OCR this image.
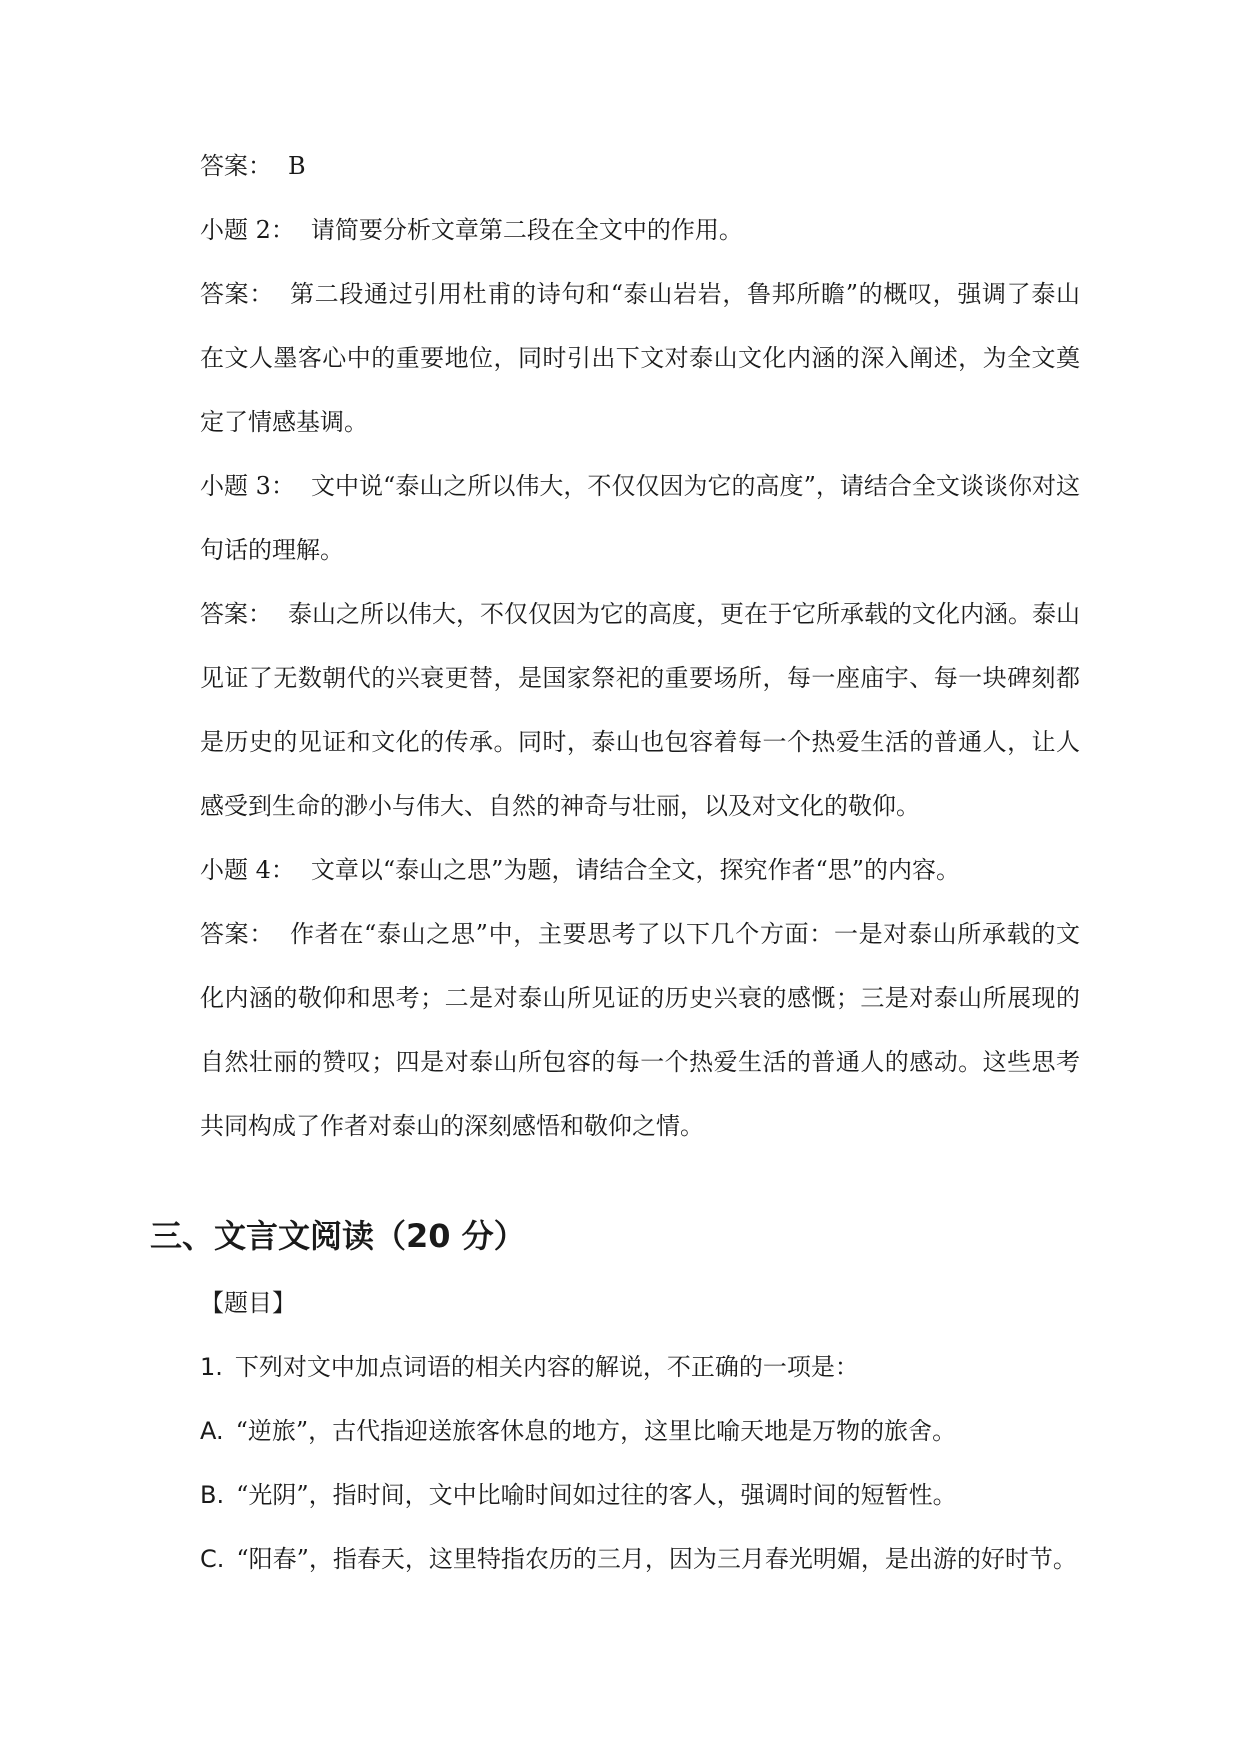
答案： B

小题 2： 请简要分析文章第二段在全文中的作用。

答案： 第二段通过引用杜甫的诗句和“泰山岩岩，鲁邦所瞻”的概叹，强调了泰山在文人墨客心中的重要地位，同时引出下文对泰山文化内涵的深入阐述，为全文奠定了情感基调。

小题 3： 文中说“泰山之所以伟大，不仅仅因为它的高度”，请结合全文谈谈你对这句话的理解。

答案： 泰山之所以伟大，不仅仅因为它的高度，更在于它所承载的文化内涵。泰山见证了无数朝代的兴衰更替，是国家祭祀的重要场所，每一座庙宇、每一块碑刻都是历史的见证和文化的传承。同时，泰山也包容着每一个热爱生活的普通人，让人感受到生命的渺小与伟大、自然的神奇与壮丽，以及对文化的敬仰。

小题 4： 文章以“泰山之思”为题，请结合全文，探究作者“思”的内容。

答案： 作者在“泰山之思”中，主要思考了以下几个方面：一是对泰山所承载的文化内涵的敬仰和思考；二是对泰山所见证的历史兴衰的感慨；三是对泰山所展现的自然壮丽的赞叹；四是对泰山所包容的每一个热爱生活的普通人的感动。这些思考共同构成了作者对泰山的深刻感悟和敬仰之情。

三、文言文阅读（20 分）

【题目】

1. 下列对文中加点词语的相关内容的解说，不正确的一项是：

A. “逆旅”，古代指迎送旅客休息的地方，这里比喻天地是万物的旅舍。

B. “光阴”，指时间，文中比喻时间如过往的客人，强调时间的短暂性。

C. “阳春”，指春天，这里特指农历的三月，因为三月春光明媚，是出游的好时节。
